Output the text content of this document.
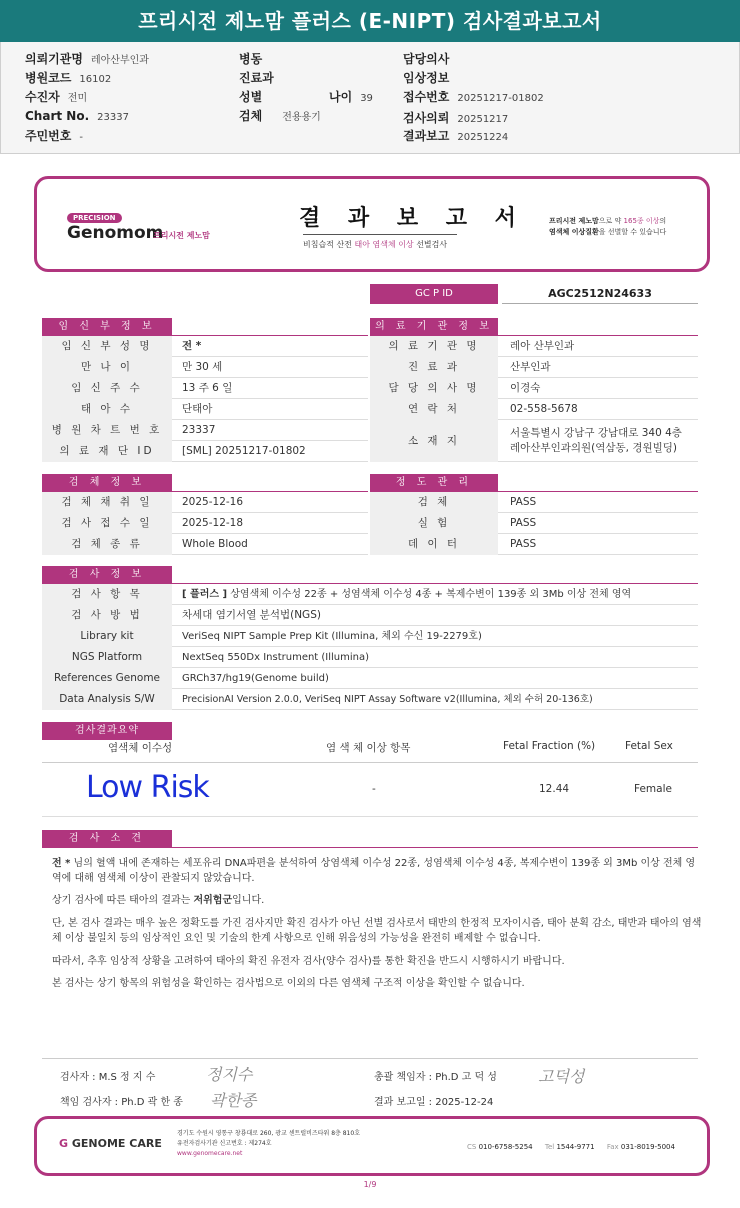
프리시전 제노맘 플러스 (E-NIPT) 검사결과보고서
의뢰기관명 레아산부인과
병원코드 16102
수진자 전미
Chart No. 23337
주민번호 -
병동
진료과
성별	나이 39
검체 전용용기
담당의사
임상정보
접수번호 20251217-01802
검사의뢰 20251217
결과보고 20251224
PRECISION
Genomom
프리시전 제노맘
결 과 보 고 서
비침습적 산전 태아 염색체 이상 선별검사
프리시전 제노맘으로 약 165종 이상의
염색체 이상질환을 선별할 수 있습니다
GC P ID	AGC2512N24633
임 신 부 정 보
임 신 부 성 명	전 *
만 나 이	만 30 세
임 신 주 수	13 주 6 일
태 아 수	단태아
병 원 차 트 번 호	23337
의 료 재 단 ID	[SML] 20251217-01802
의 료 기 관 정 보
의 료 기 관 명	레아 산부인과
진 료 과	산부인과
담 당 의 사 명	이경숙
연 락 처	02-558-5678
소 재 지
서울특별시 강남구 강남대로 340 4층
레아산부인과의원(역삼동, 경원빌딩)
검 체 정 보
검 체 채 취 일	2025-12-16
검 사 접 수 일	2025-12-18
검 체 종 류	Whole Blood
정 도 관 리
검 체	PASS
실 험	PASS
데 이 터	PASS
검 사 정 보
검 사 항 목	[ 플러스 ] 상염색체 이수성 22종 + 성염색체 이수성 4종 + 복제수변이 139종 외 3Mb 이상 전체 영역
검 사 방 법	차세대 염기서열 분석법(NGS)
Library kit	VeriSeq NIPT Sample Prep Kit (Illumina, 체외 수신 19-2279호)
NGS Platform	NextSeq 550Dx Instrument (Illumina)
References Genome	GRCh37/hg19(Genome build)
Data Analysis S/W	PrecisionAI Version 2.0.0, VeriSeq NIPT Assay Software v2(Illumina, 체외 수허 20-136호)
검사결과요약
염색체 이수성	염 색 체 이상 항목	Fetal Fraction (%)	Fetal Sex
Low Risk	-	12.44	Female
검 사 소 견
전 * 님의 혈액 내에 존재하는 세포유리 DNA파편을 분석하여 상염색체 이수성 22종, 성염색체 이수성 4종, 복제수변이 139종 외 3Mb 이상 전체 영역에 대해 염색체 이상이 관찰되지 않았습니다.
상기 검사에 따른 태아의 결과는 저위험군입니다.
단, 본 검사 결과는 매우 높은 정확도를 가진 검사지만 확진 검사가 아닌 선별 검사로서 태반의 한정적 모자이시즘, 태아 분획 감소, 태반과 태아의 염색체 이상 불일치 등의 임상적인 요인 및 기술의 한계 사항으로 인해 위음성의 가능성을 완전히 배제할 수 없습니다.
따라서, 추후 임상적 상황을 고려하여 태아의 확진 유전자 검사(양수 검사)를 통한 확진을 반드시 시행하시기 바랍니다.
본 검사는 상기 항목의 위험성을 확인하는 검사법으로 이외의 다른 염색체 구조적 이상을 확인할 수 없습니다.
검사자 : M.S 정 지 수	정지수
책임 검사자 : Ph.D 곽 한 종 곽한종
총괄 책임자 : Ph.D 고 덕 성	고덕성
결과 보고일 : 2025-12-24
G GENOME CARE
경기도 수원시 영통구 창룡대로 260, 광교 센트럴비즈타워 8층 810호
유전자검사기관 신고번호 : 제274호
www.genomecare.net
CS 010-6758-5254 Tel 1544-9771 Fax 031-8019-5004
1/9
